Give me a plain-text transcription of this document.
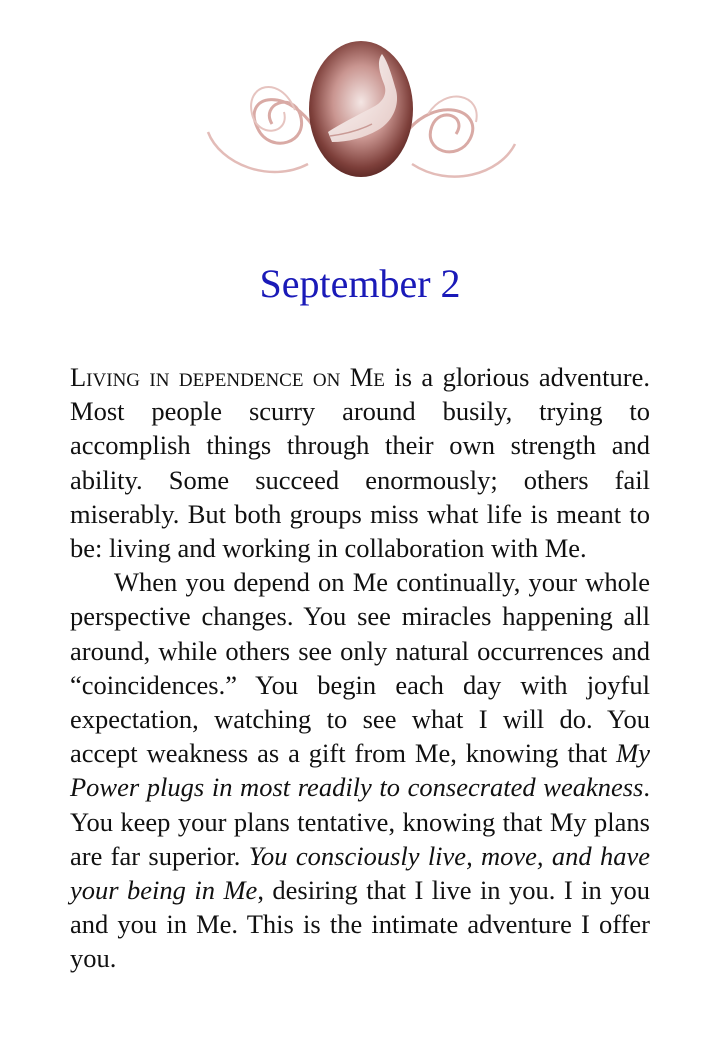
September 2

Living in dependence on Me is a glorious adventure. Most people scurry around busily, trying to accomplish things through their own strength and ability. Some succeed enormously; others fail miserably. But both groups miss what life is meant to be: living and working in collaboration with Me.

When you depend on Me continually, your whole perspective changes. You see miracles happening all around, while others see only natural occurrences and “coincidences.” You begin each day with joyful expectation, watching to see what I will do. You accept weakness as a gift from Me, knowing that My Power plugs in most readily to consecrated weakness. You keep your plans tentative, knowing that My plans are far superior. You consciously live, move, and have your being in Me, desiring that I live in you. I in you and you in Me. This is the intimate adventure I offer you.
